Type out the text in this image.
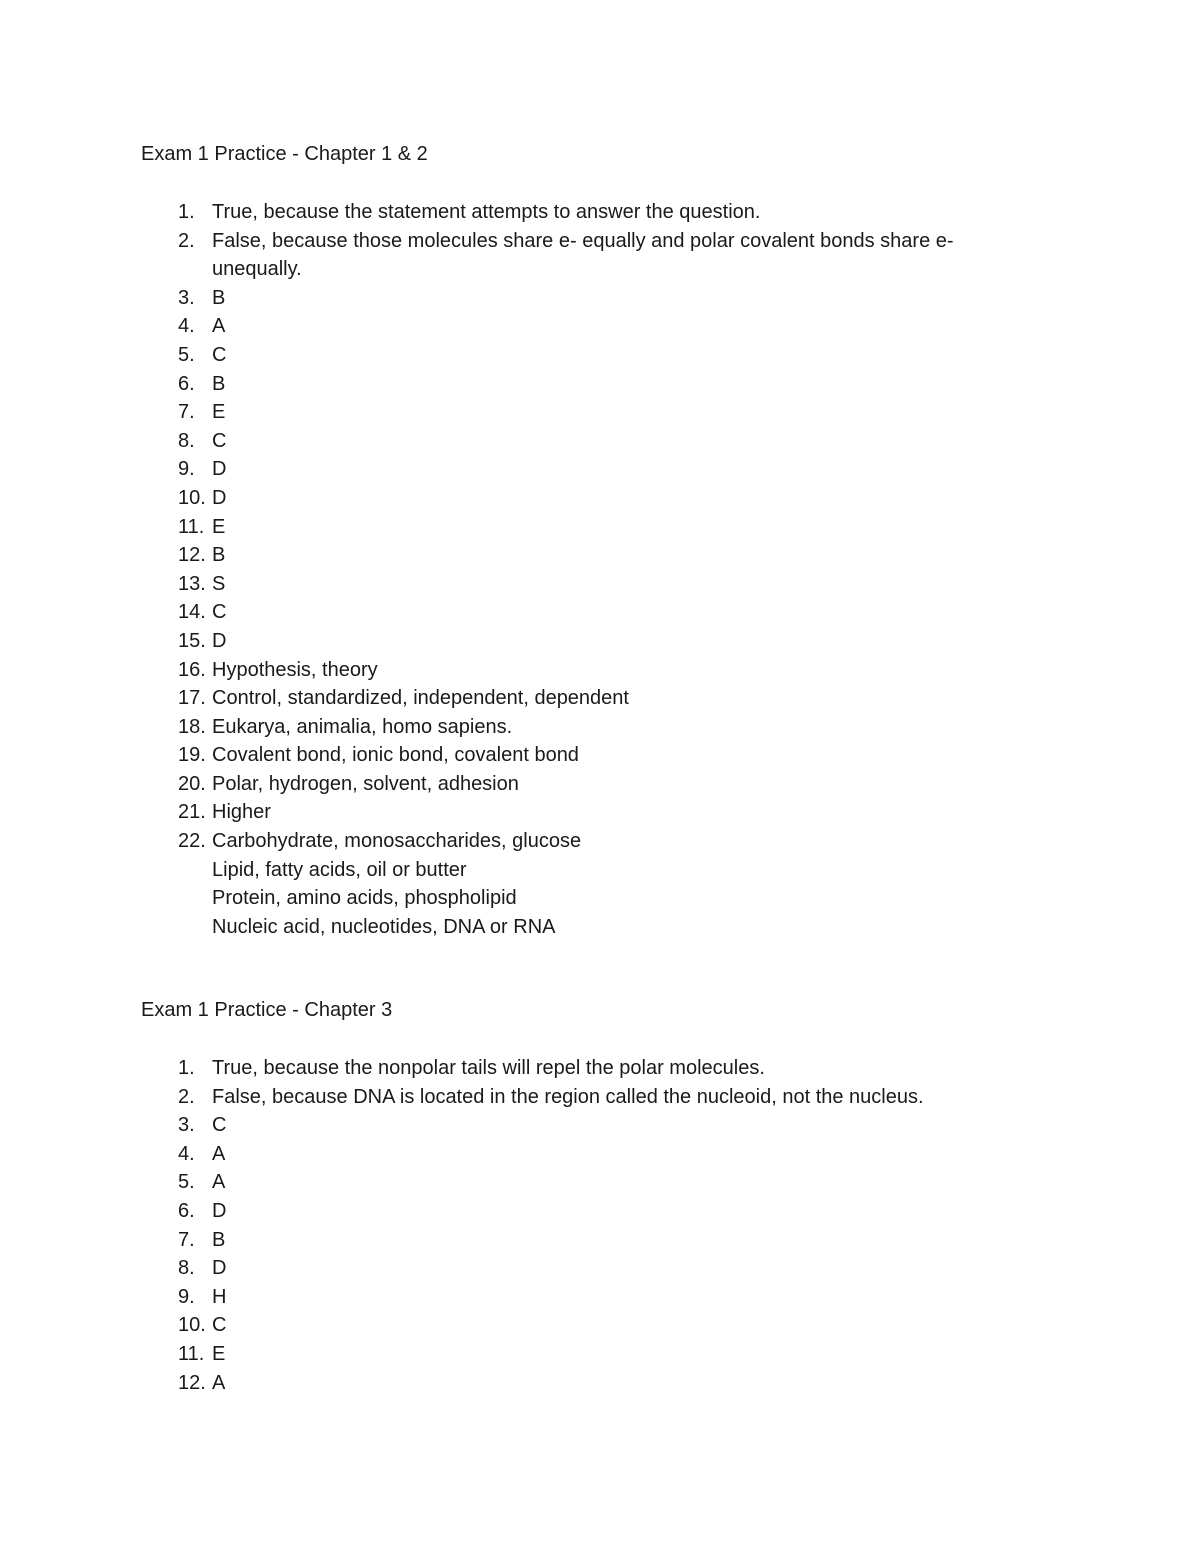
Exam 1 Practice - Chapter 1 & 2
1. True, because the statement attempts to answer the question.
2. False, because those molecules share e- equally and polar covalent bonds share e-
unequally.
3. B
4. A
5. C
6. B
7. E
8. C
9. D
10. D
11. E
12. B
13. S
14. C
15. D
16. Hypothesis, theory
17. Control, standardized, independent, dependent
18. Eukarya, animalia, homo sapiens.
19. Covalent bond, ionic bond, covalent bond
20. Polar, hydrogen, solvent, adhesion
21. Higher
22. Carbohydrate, monosaccharides, glucose
Lipid, fatty acids, oil or butter
Protein, amino acids, phospholipid
Nucleic acid, nucleotides, DNA or RNA
Exam 1 Practice - Chapter 3
1. True, because the nonpolar tails will repel the polar molecules.
2. False, because DNA is located in the region called the nucleoid, not the nucleus.
3. C
4. A
5. A
6. D
7. B
8. D
9. H
10. C
11. E
12. A
